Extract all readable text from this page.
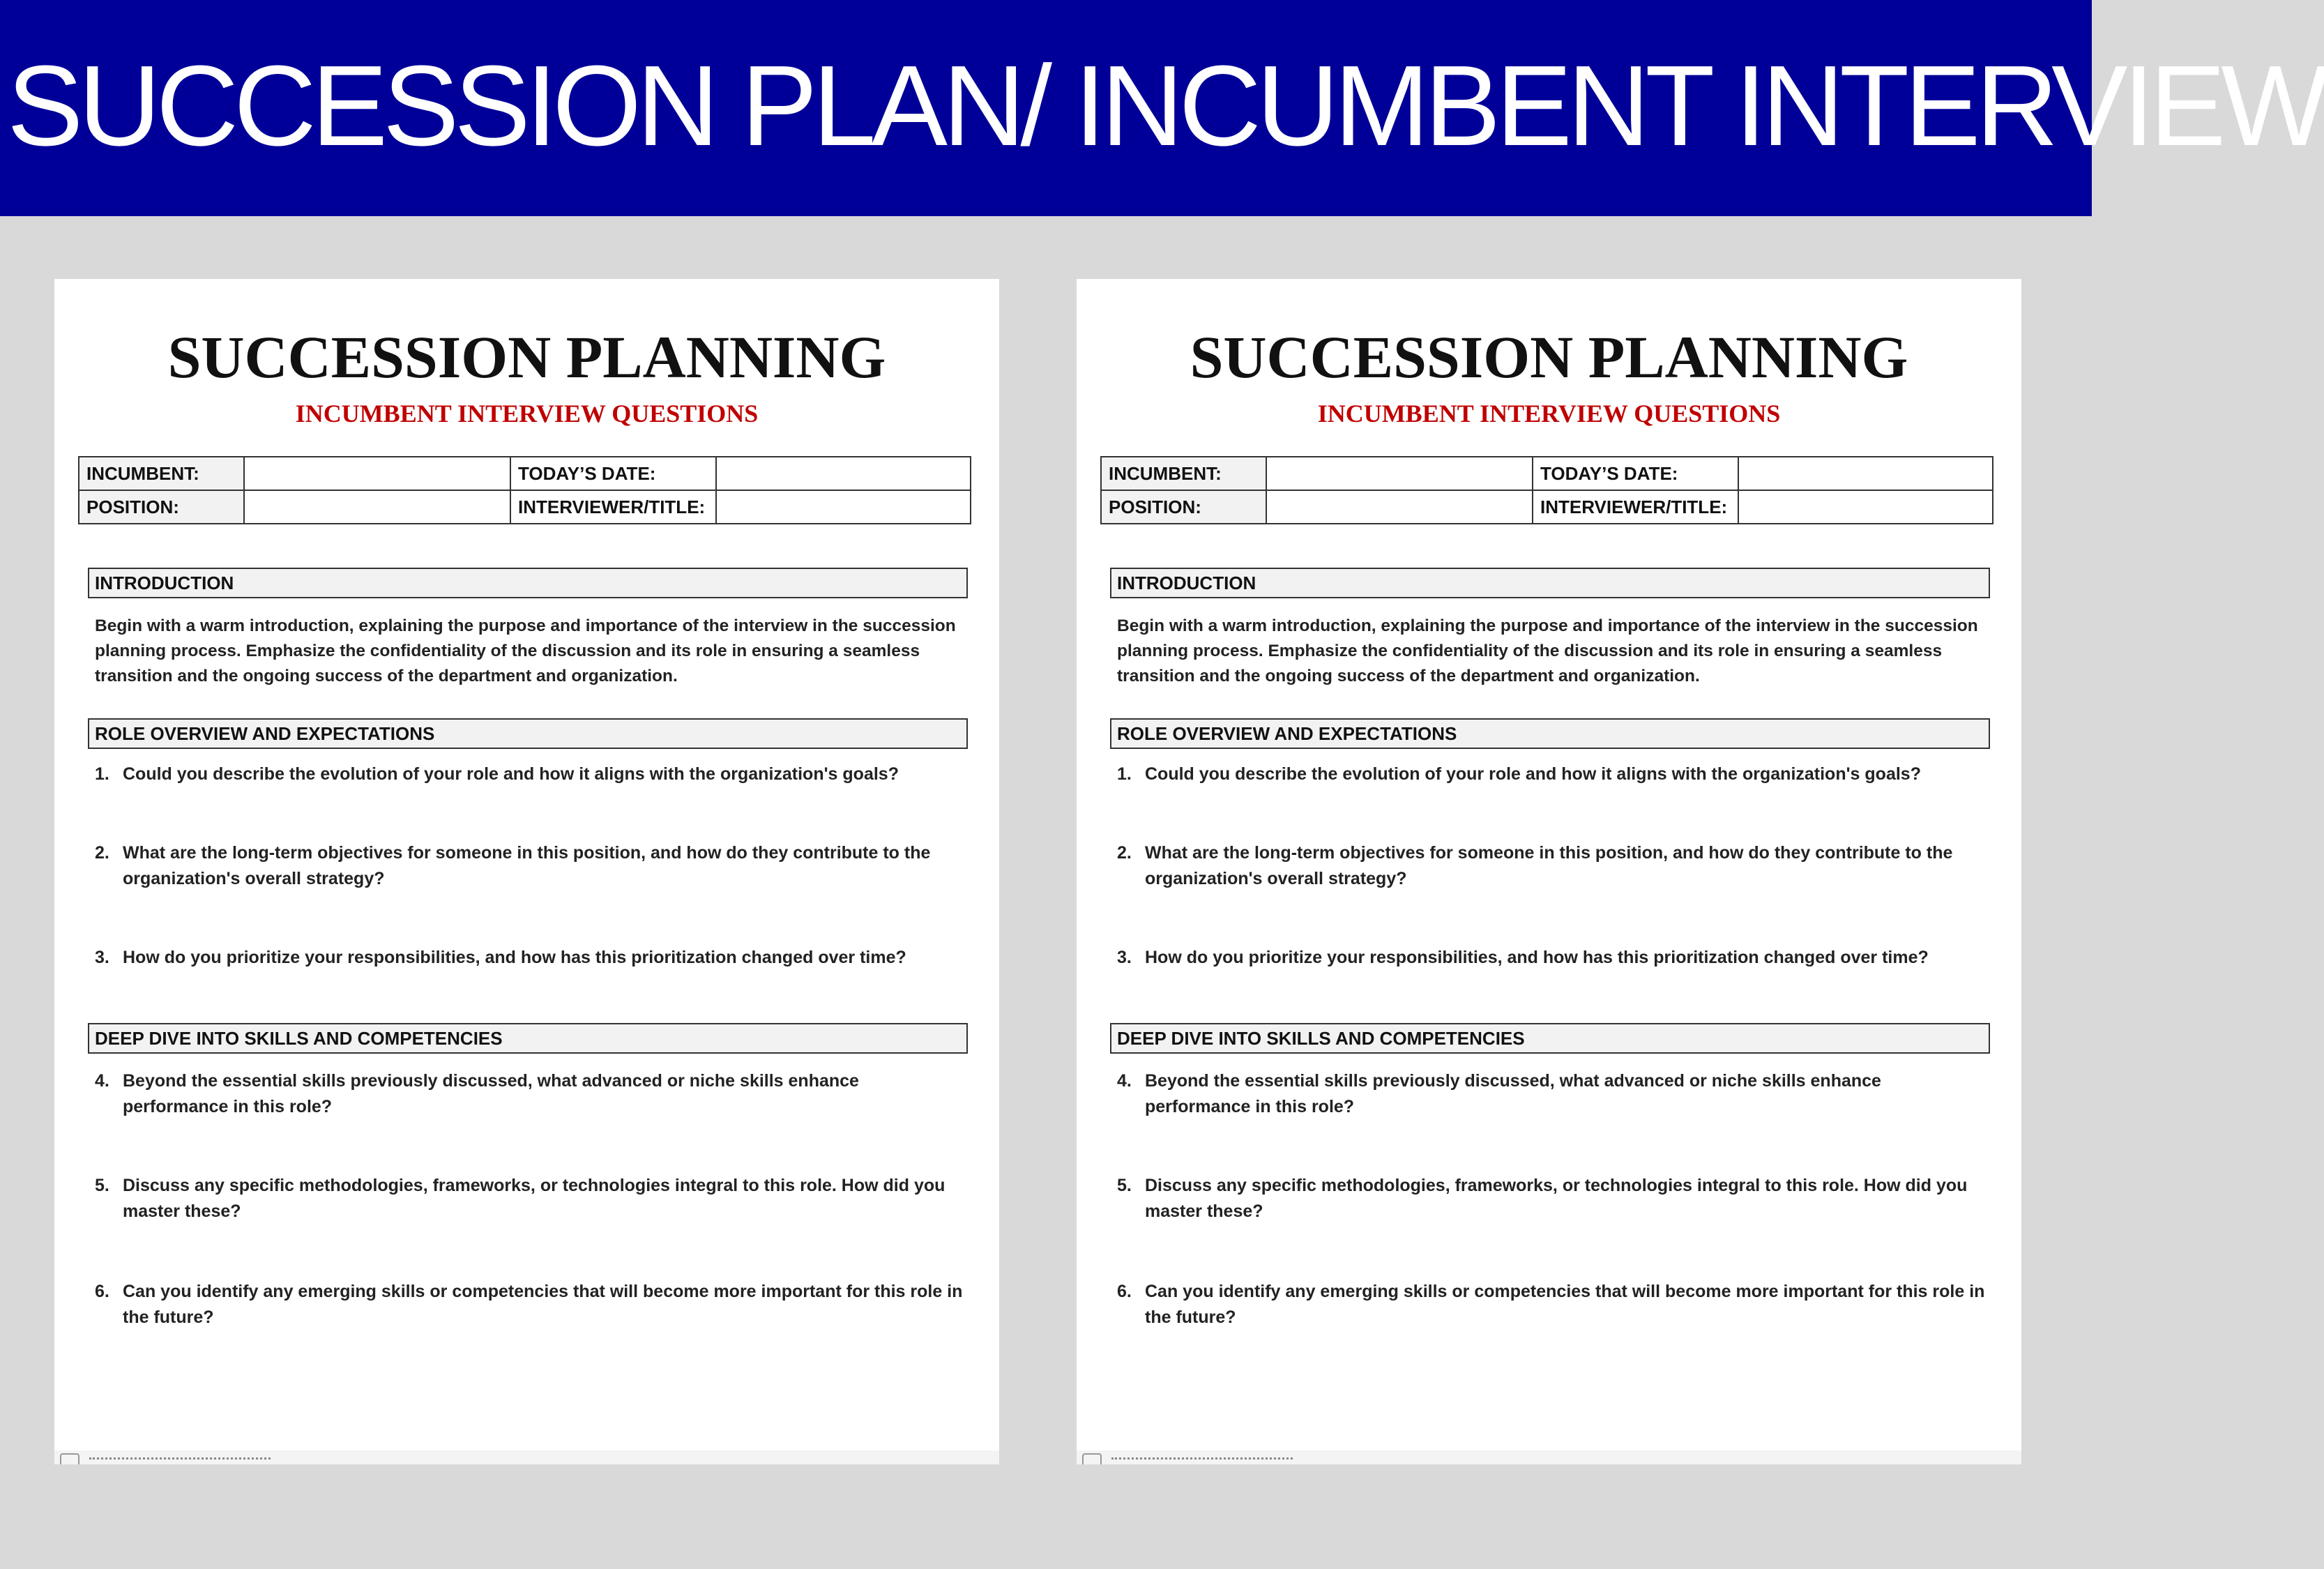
SUCCESSION PLAN/ INCUMBENT INTERVIEW
SUCCESSION PLANNING
INCUMBENT INTERVIEW QUESTIONS
INCUMBENT:		TODAY’S DATE:	
POSITION:		INTERVIEWER/TITLE:	
INTRODUCTION

Begin with a warm introduction, explaining the purpose and importance of the interview in the succession planning process. Emphasize the confidentiality of the discussion and its role in ensuring a seamless transition and the ongoing success of the department and organization.

ROLE OVERVIEW AND EXPECTATIONS
1. Could you describe the evolution of your role and how it aligns with the organization's goals?
2. What are the long-term objectives for someone in this position, and how do they contribute to the organization's overall strategy?
3. How do you prioritize your responsibilities, and how has this prioritization changed over time?
DEEP DIVE INTO SKILLS AND COMPETENCIES
4. Beyond the essential skills previously discussed, what advanced or niche skills enhance performance in this role?
5. Discuss any specific methodologies, frameworks, or technologies integral to this role. How did you master these?
6. Can you identify any emerging skills or competencies that will become more important for this role in the future?
SUCCESSION PLANNING
INCUMBENT INTERVIEW QUESTIONS
INCUMBENT:		TODAY’S DATE:	
POSITION:		INTERVIEWER/TITLE:	
INTRODUCTION

Begin with a warm introduction, explaining the purpose and importance of the interview in the succession planning process. Emphasize the confidentiality of the discussion and its role in ensuring a seamless transition and the ongoing success of the department and organization.

ROLE OVERVIEW AND EXPECTATIONS
1. Could you describe the evolution of your role and how it aligns with the organization's goals?
2. What are the long-term objectives for someone in this position, and how do they contribute to the organization's overall strategy?
3. How do you prioritize your responsibilities, and how has this prioritization changed over time?
DEEP DIVE INTO SKILLS AND COMPETENCIES
4. Beyond the essential skills previously discussed, what advanced or niche skills enhance performance in this role?
5. Discuss any specific methodologies, frameworks, or technologies integral to this role. How did you master these?
6. Can you identify any emerging skills or competencies that will become more important for this role in the future?
